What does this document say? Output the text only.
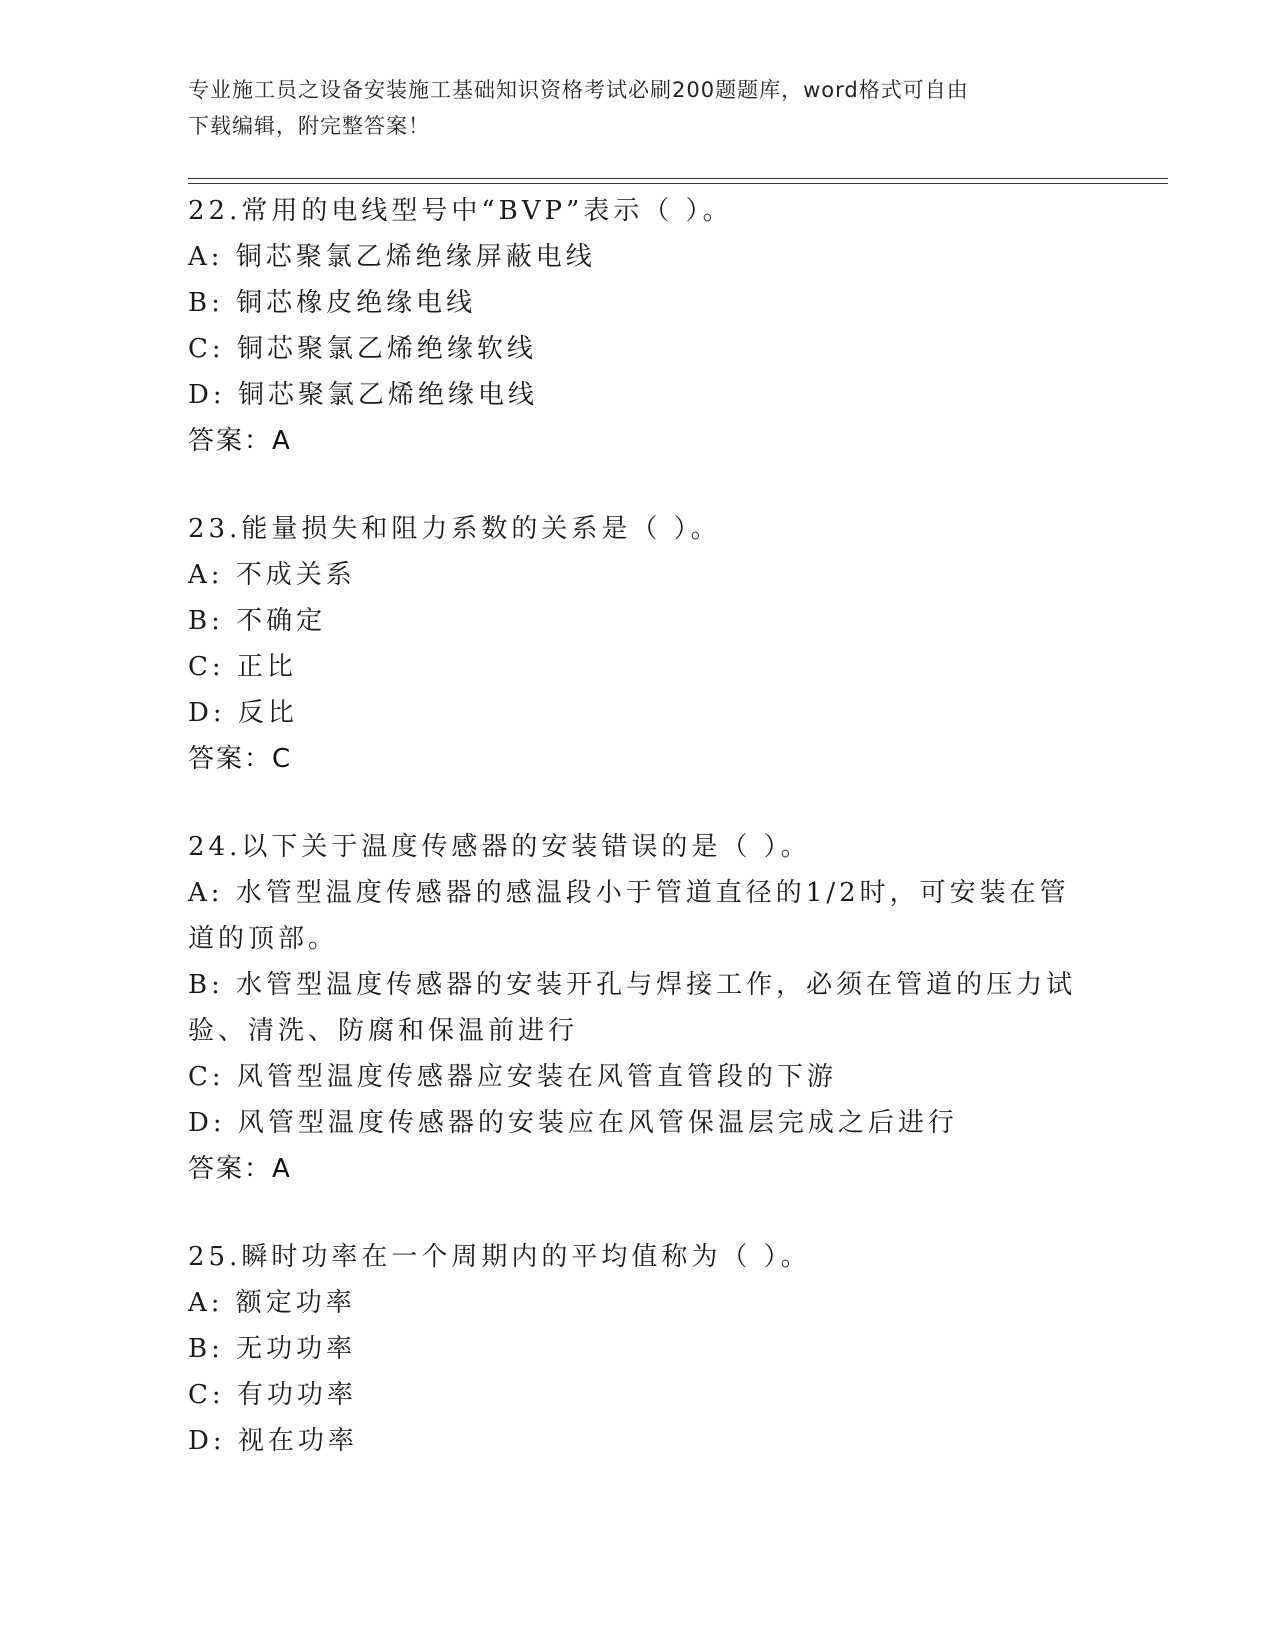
专业施工员之设备安装施工基础知识资格考试必刷200题题库，word格式可自由
下载编辑，附完整答案！
22.常用的电线型号中“BVP”表示（ ）。
A: 铜芯聚氯乙烯绝缘屏蔽电线
B: 铜芯橡皮绝缘电线
C: 铜芯聚氯乙烯绝缘软线
D: 铜芯聚氯乙烯绝缘电线
答案：A
23.能量损失和阻力系数的关系是（ ）。
A: 不成关系
B: 不确定
C: 正比
D: 反比
答案：C
24.以下关于温度传感器的安装错误的是（ ）。
A: 水管型温度传感器的感温段小于管道直径的1/2时，可安装在管道的顶部。
B: 水管型温度传感器的安装开孔与焊接工作，必须在管道的压力试验、清洗、防腐和保温前进行
C: 风管型温度传感器应安装在风管直管段的下游
D: 风管型温度传感器的安装应在风管保温层完成之后进行
答案：A
25.瞬时功率在一个周期内的平均值称为（ ）。
A: 额定功率
B: 无功功率
C: 有功功率
D: 视在功率
